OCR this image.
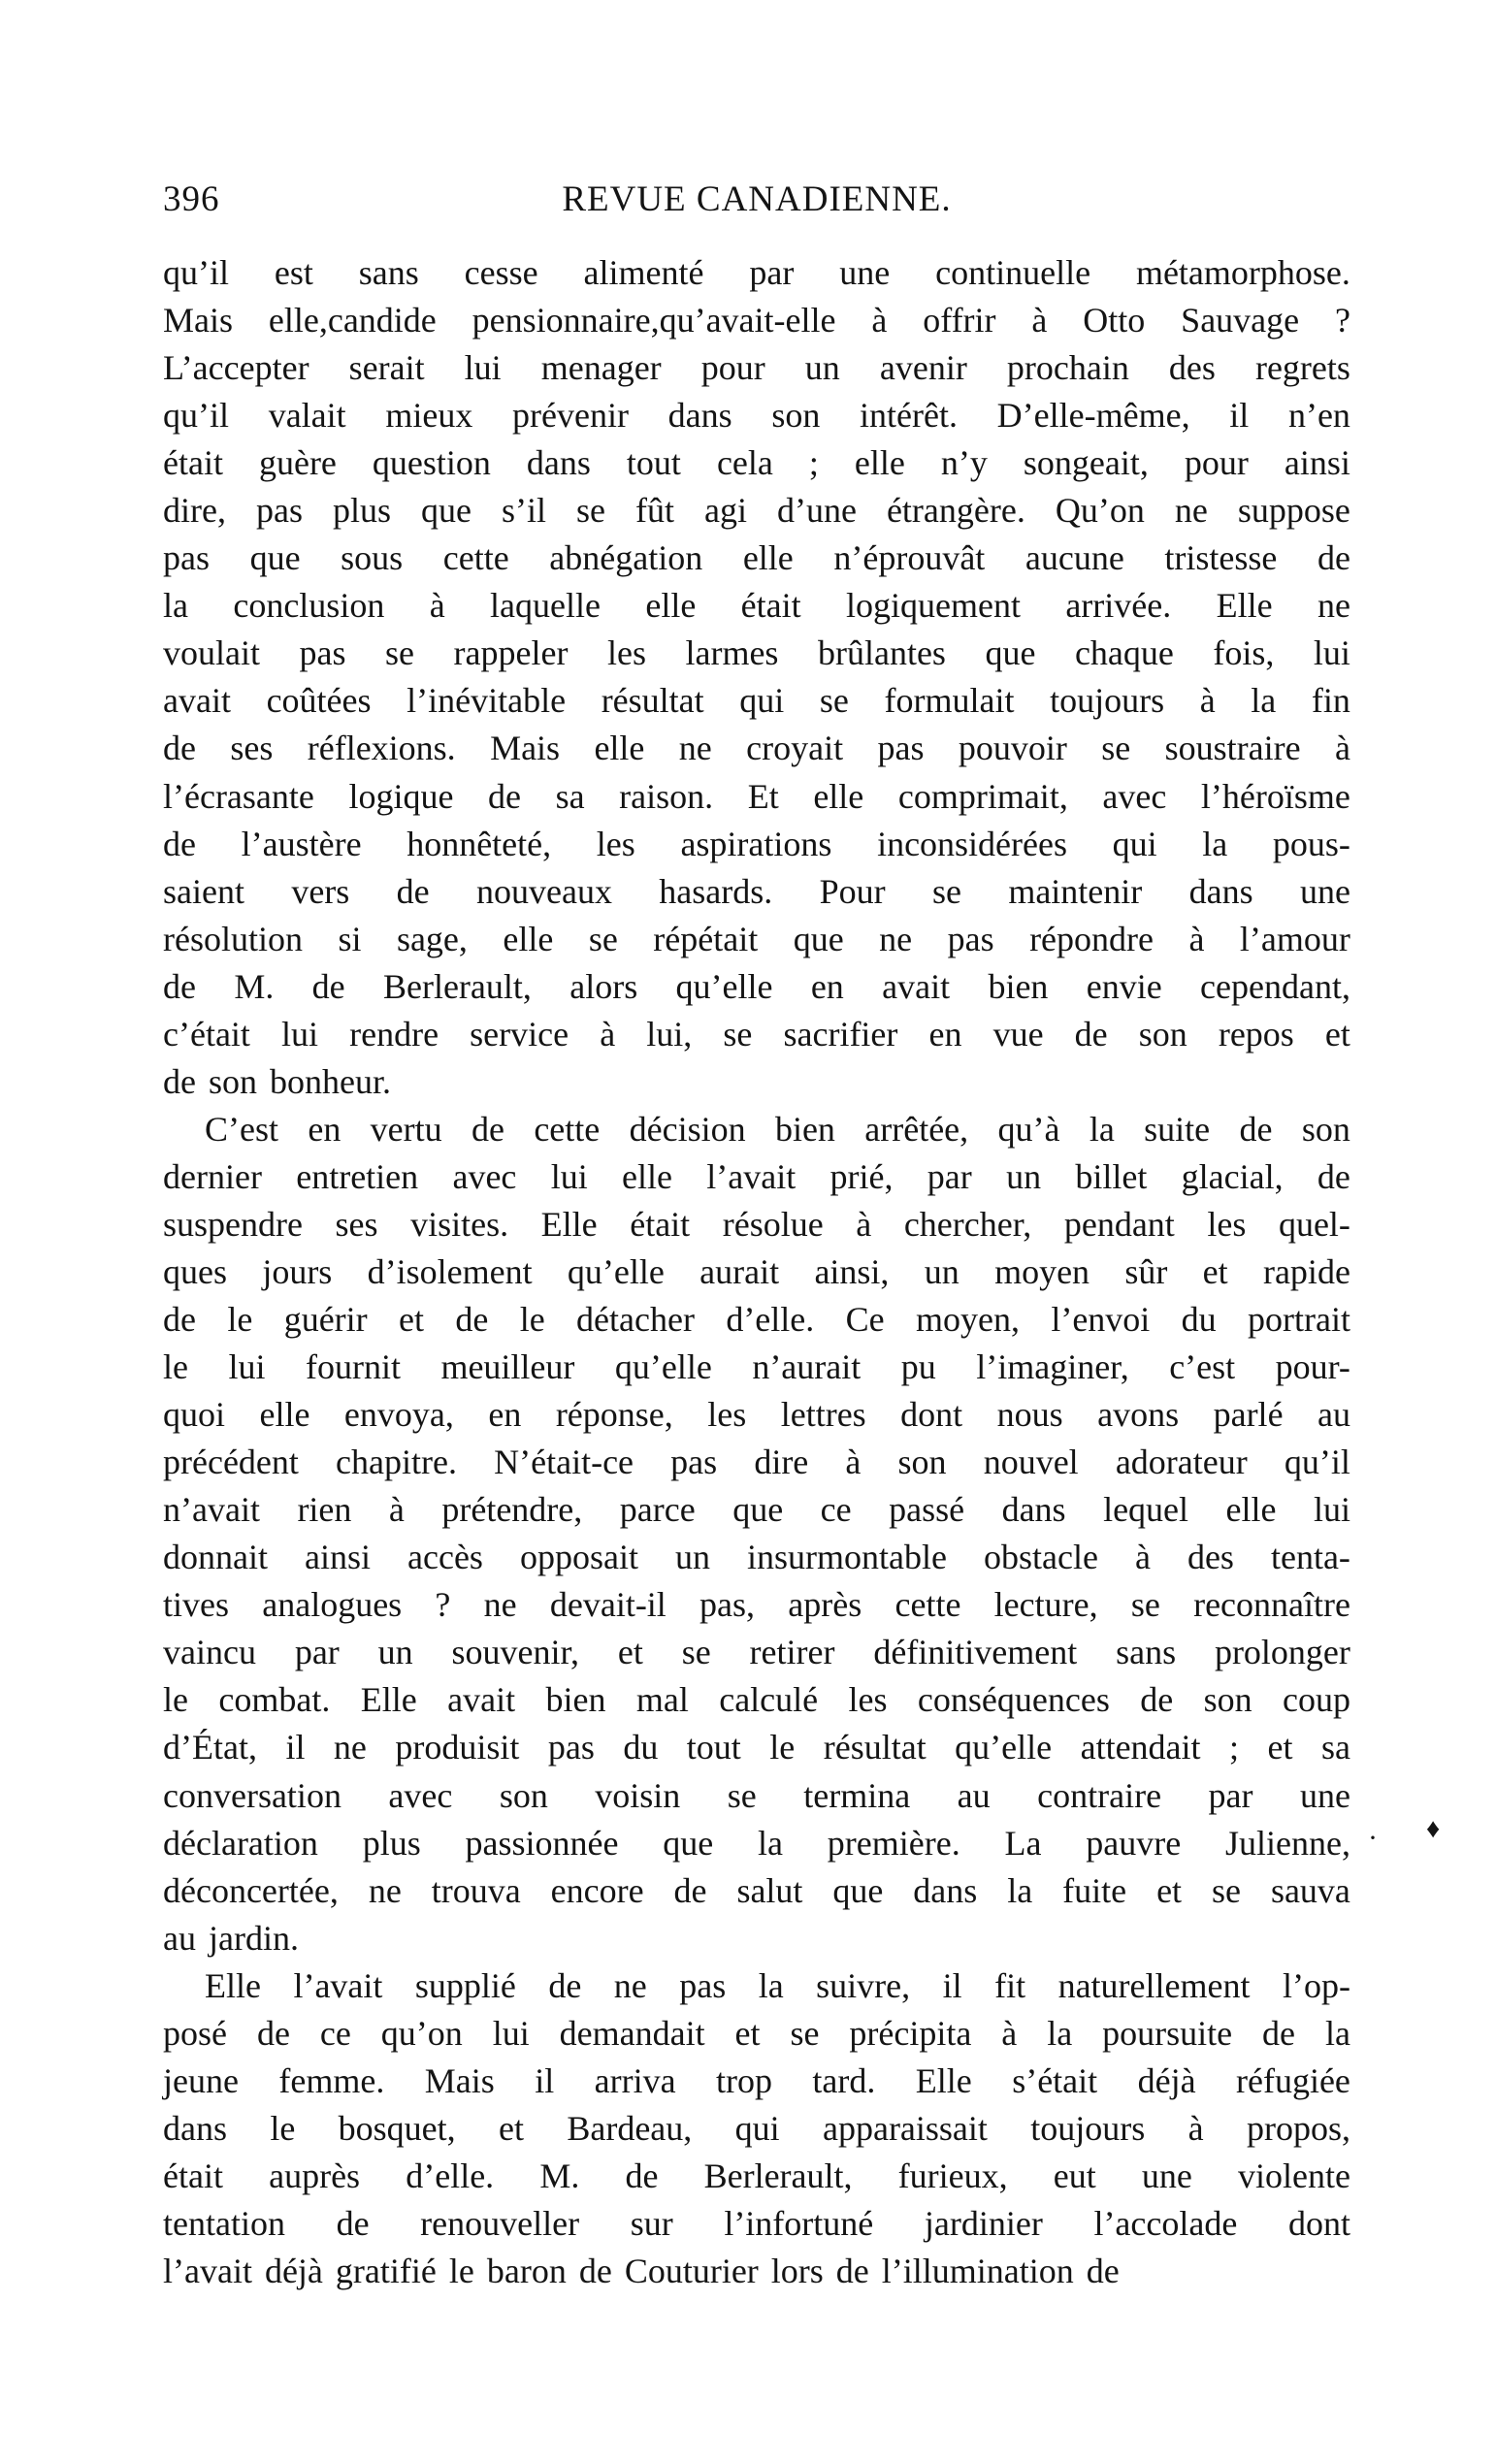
396	REVUE CANADIENNE.
qu’il est sans cesse alimenté par une continuelle métamorphose.
Mais elle,candide pensionnaire,qu’avait-elle à offrir à Otto Sauvage ?
L’accepter serait lui menager pour un avenir prochain des regrets
qu’il valait mieux prévenir dans son intérêt. D’elle-même, il n’en
était guère question dans tout cela ; elle n’y songeait, pour ainsi
dire, pas plus que s’il se fût agi d’une étrangère. Qu’on ne suppose
pas que sous cette abnégation elle n’éprouvât aucune tristesse de
la conclusion à laquelle elle était logiquement arrivée. Elle ne
voulait pas se rappeler les larmes brûlantes que chaque fois, lui
avait coûtées l’inévitable résultat qui se formulait toujours à la fin
de ses réflexions. Mais elle ne croyait pas pouvoir se soustraire à
l’écrasante logique de sa raison. Et elle comprimait, avec l’héroïsme
de l’austère honnêteté, les aspirations inconsidérées qui la pous-
saient vers de nouveaux hasards. Pour se maintenir dans une
résolution si sage, elle se répétait que ne pas répondre à l’amour
de M. de Berlerault, alors qu’elle en avait bien envie cependant,
c’était lui rendre service à lui, se sacrifier en vue de son repos et
de son bonheur.
C’est en vertu de cette décision bien arrêtée, qu’à la suite de son
dernier entretien avec lui elle l’avait prié, par un billet glacial, de
suspendre ses visites. Elle était résolue à chercher, pendant les quel-
ques jours d’isolement qu’elle aurait ainsi, un moyen sûr et rapide
de le guérir et de le détacher d’elle. Ce moyen, l’envoi du portrait
le lui fournit meuilleur qu’elle n’aurait pu l’imaginer, c’est pour-
quoi elle envoya, en réponse, les lettres dont nous avons parlé au
précédent chapitre. N’était-ce pas dire à son nouvel adorateur qu’il
n’avait rien à prétendre, parce que ce passé dans lequel elle lui
donnait ainsi accès opposait un insurmontable obstacle à des tenta-
tives analogues ? ne devait-il pas, après cette lecture, se reconnaître
vaincu par un souvenir, et se retirer définitivement sans prolonger
le combat. Elle avait bien mal calculé les conséquences de son coup
d’État, il ne produisit pas du tout le résultat qu’elle attendait ; et sa
conversation avec son voisin se termina au contraire par une
déclaration plus passionnée que la première. La pauvre Julienne,
déconcertée, ne trouva encore de salut que dans la fuite et se sauva
au jardin.
Elle l’avait supplié de ne pas la suivre, il fit naturellement l’op-
posé de ce qu’on lui demandait et se précipita à la poursuite de la
jeune femme. Mais il arriva trop tard. Elle s’était déjà réfugiée
dans le bosquet, et Bardeau, qui apparaissait toujours à propos,
était auprès d’elle. M. de Berlerault, furieux, eut une violente
tentation de renouveller sur l’infortuné jardinier l’accolade dont
l’avait déjà gratifié le baron de Couturier lors de l’illumination de
· ♦
